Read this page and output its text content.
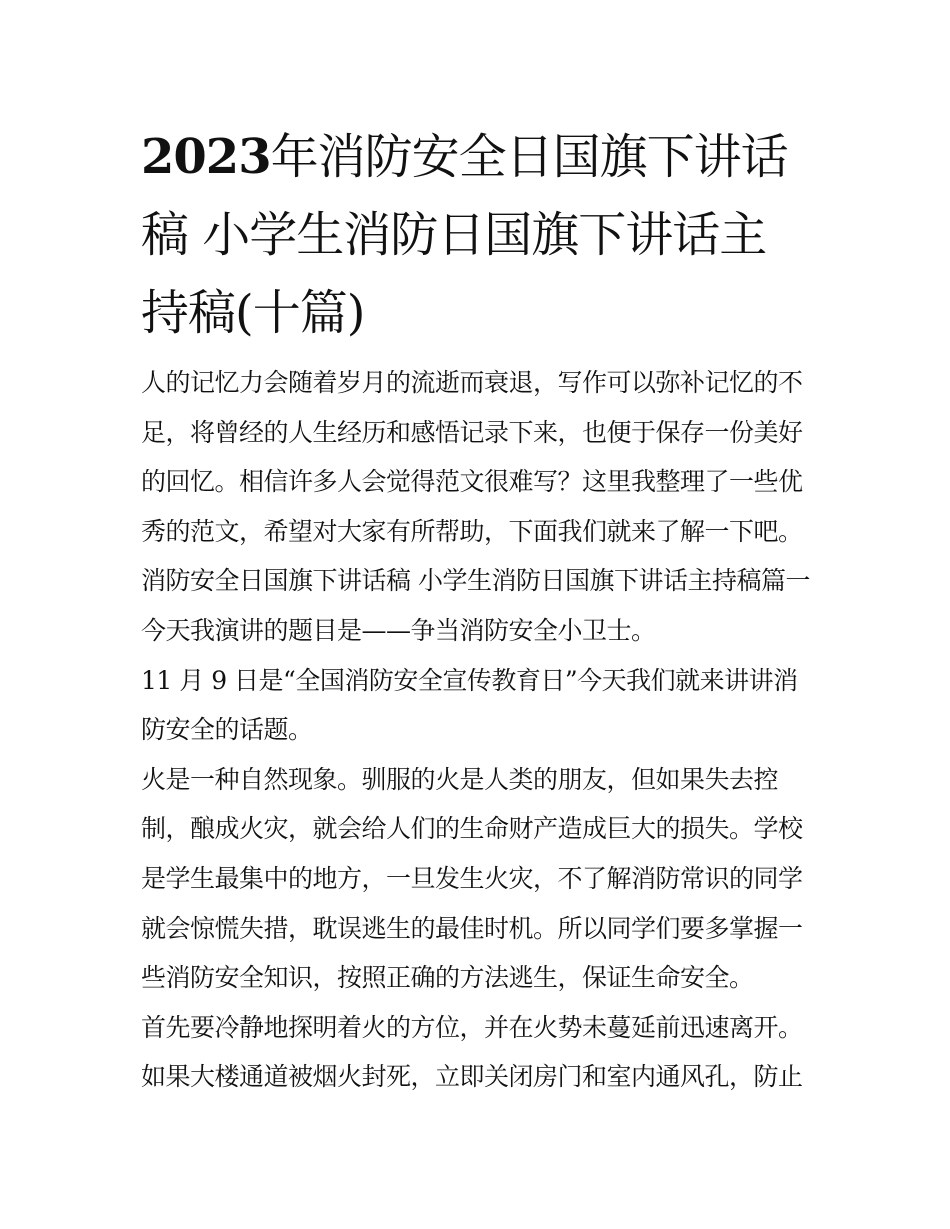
2023年消防安全日国旗下讲话稿 小学生消防日国旗下讲话主持稿(十篇)

人的记忆力会随着岁月的流逝而衰退，写作可以弥补记忆的不足，将曾经的人生经历和感悟记录下来，也便于保存一份美好的回忆。相信许多人会觉得范文很难写？这里我整理了一些优秀的范文，希望对大家有所帮助，下面我们就来了解一下吧。

消防安全日国旗下讲话稿 小学生消防日国旗下讲话主持稿篇一 今天我演讲的题目是——争当消防安全小卫士。

11 月 9 日是“全国消防安全宣传教育日”今天我们就来讲讲消防安全的话题。

火是一种自然现象。驯服的火是人类的朋友，但如果失去控制，酿成火灾，就会给人们的生命财产造成巨大的损失。学校是学生最集中的地方，一旦发生火灾，不了解消防常识的同学就会惊慌失措，耽误逃生的最佳时机。所以同学们要多掌握一些消防安全知识，按照正确的方法逃生，保证生命安全。

首先要冷静地探明着火的方位，并在火势未蔓延前迅速离开。如果大楼通道被烟火封死，立即关闭房门和室内通风孔，防止
